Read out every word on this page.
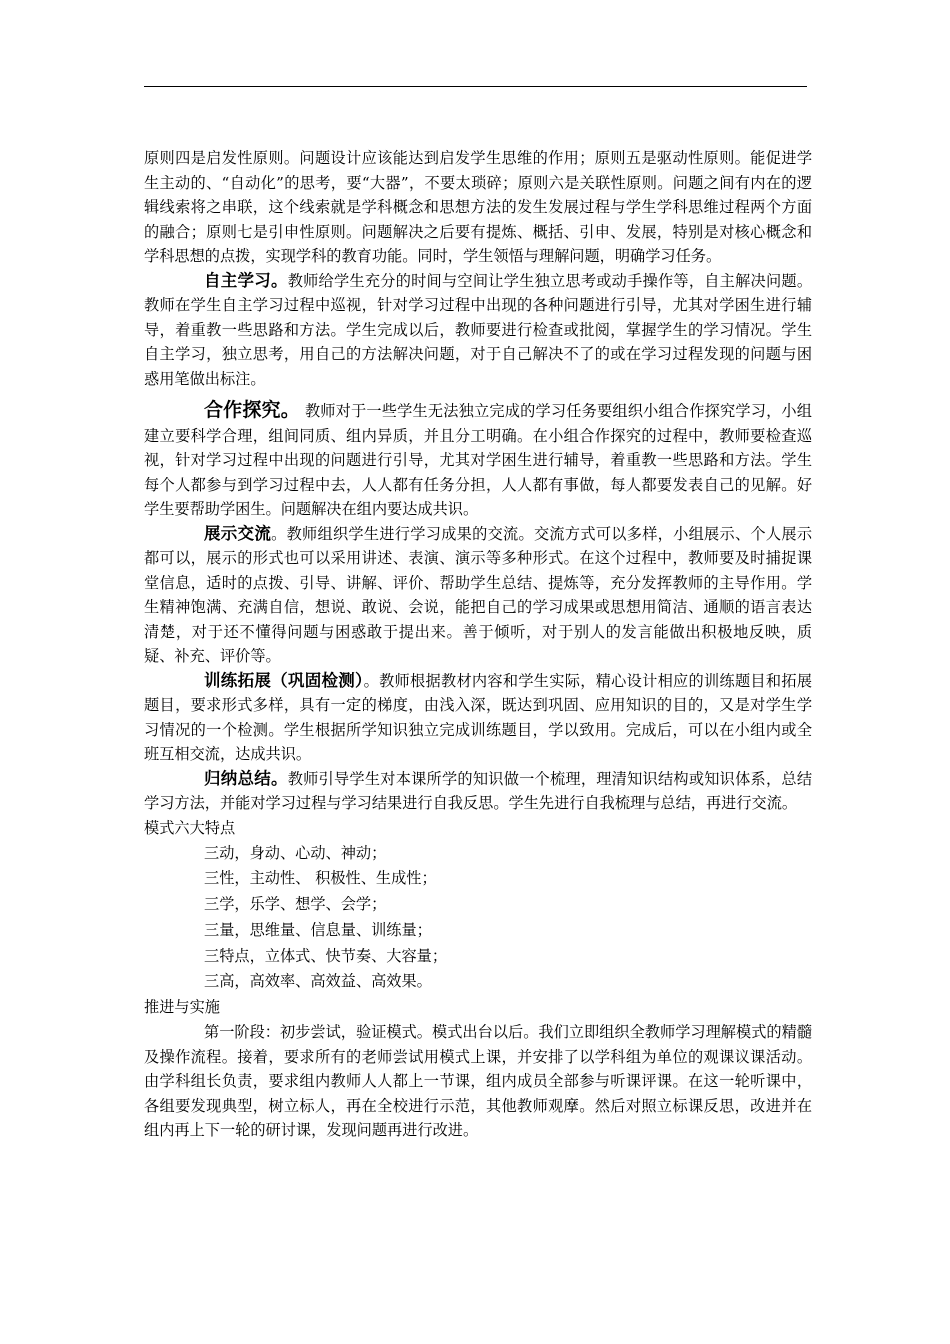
原则四是启发性原则。问题设计应该能达到启发学生思维的作用；原则五是驱动性原则。能促进学生主动的、“自动化”的思考，要“大器”，不要太琐碎；原则六是关联性原则。问题之间有内在的逻辑线索将之串联，这个线索就是学科概念和思想方法的发生发展过程与学生学科思维过程两个方面的融合；原则七是引申性原则。问题解决之后要有提炼、概括、引申、发展，特别是对核心概念和学科思想的点拨，实现学科的教育功能。同时，学生领悟与理解问题，明确学习任务。

自主学习。教师给学生充分的时间与空间让学生独立思考或动手操作等，自主解决问题。教师在学生自主学习过程中巡视，针对学习过程中出现的各种问题进行引导，尤其对学困生进行辅导，着重教一些思路和方法。学生完成以后，教师要进行检查或批阅，掌握学生的学习情况。学生自主学习，独立思考，用自己的方法解决问题，对于自己解决不了的或在学习过程发现的问题与困惑用笔做出标注。

合作探究。 教师对于一些学生无法独立完成的学习任务要组织小组合作探究学习，小组建立要科学合理，组间同质、组内异质，并且分工明确。在小组合作探究的过程中，教师要检查巡视，针对学习过程中出现的问题进行引导，尤其对学困生进行辅导，着重教一些思路和方法。学生每个人都参与到学习过程中去，人人都有任务分担，人人都有事做，每人都要发表自己的见解。好学生要帮助学困生。问题解决在组内要达成共识。

展示交流。教师组织学生进行学习成果的交流。交流方式可以多样，小组展示、个人展示都可以，展示的形式也可以采用讲述、表演、演示等多种形式。在这个过程中，教师要及时捕捉课堂信息，适时的点拨、引导、讲解、评价、帮助学生总结、提炼等，充分发挥教师的主导作用。学生精神饱满、充满自信，想说、敢说、会说，能把自己的学习成果或思想用简洁、通顺的语言表达清楚，对于还不懂得问题与困惑敢于提出来。善于倾听，对于别人的发言能做出积极地反映，质疑、补充、评价等。

训练拓展（巩固检测）。教师根据教材内容和学生实际，精心设计相应的训练题目和拓展题目，要求形式多样，具有一定的梯度，由浅入深，既达到巩固、应用知识的目的，又是对学生学习情况的一个检测。学生根据所学知识独立完成训练题目，学以致用。完成后，可以在小组内或全班互相交流，达成共识。

归纳总结。教师引导学生对本课所学的知识做一个梳理，理清知识结构或知识体系，总结学习方法，并能对学习过程与学习结果进行自我反思。学生先进行自我梳理与总结，再进行交流。

模式六大特点

三动，身动、心动、神动；

三性，主动性、 积极性、生成性；

三学，乐学、想学、会学；

三量，思维量、信息量、训练量；

三特点，立体式、快节奏、大容量；

三高，高效率、高效益、高效果。

推进与实施

第一阶段：初步尝试，验证模式。模式出台以后。我们立即组织全教师学习理解模式的精髓及操作流程。接着，要求所有的老师尝试用模式上课，并安排了以学科组为单位的观课议课活动。由学科组长负责，要求组内教师人人都上一节课，组内成员全部参与听课评课。在这一轮听课中，各组要发现典型，树立标人，再在全校进行示范，其他教师观摩。然后对照立标课反思，改进并在组内再上下一轮的研讨课，发现问题再进行改进。
